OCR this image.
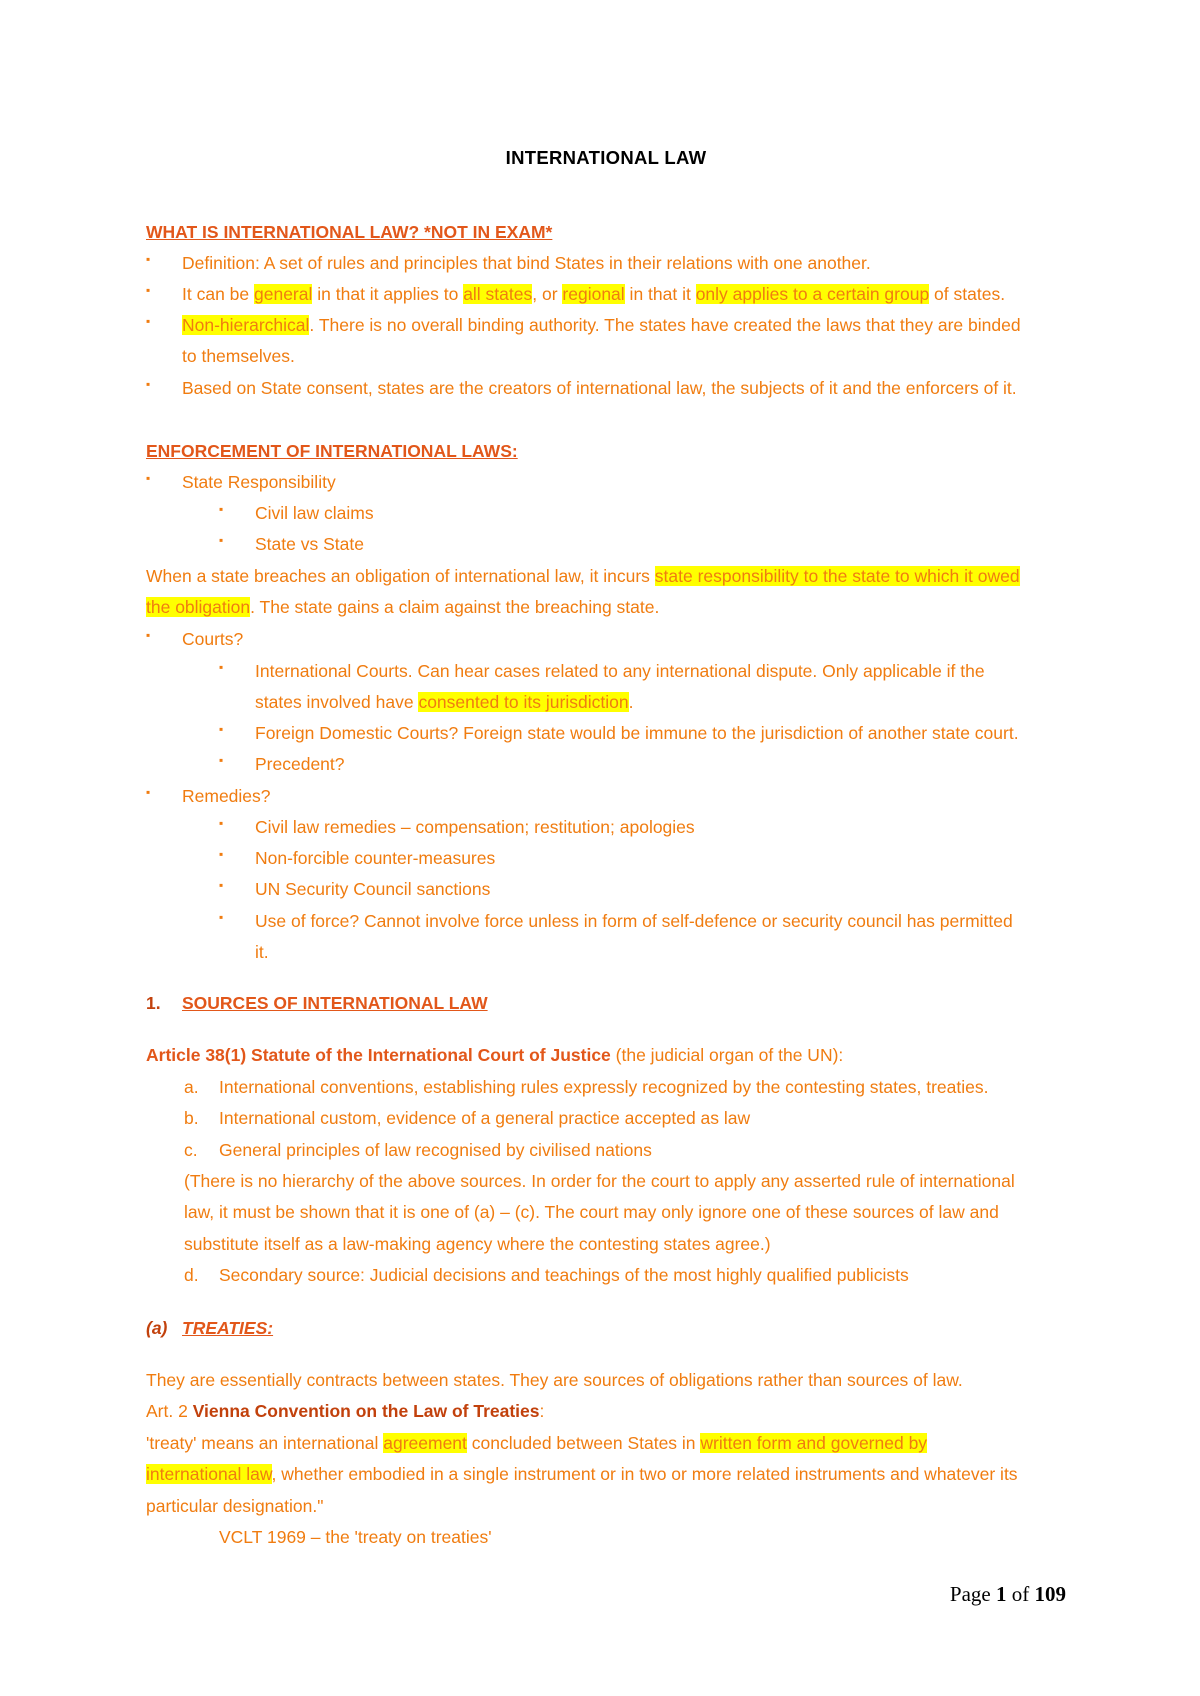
INTERNATIONAL LAW
WHAT IS INTERNATIONAL LAW? *NOT IN EXAM*
▪
Definition: A set of rules and principles that bind States in their relations with one another.
▪
It can be general in that it applies to all states, or regional in that it only applies to a certain group of states.
▪
Non-hierarchical. There is no overall binding authority. The states have created the laws that they are binded
to themselves.
▪
Based on State consent, states are the creators of international law, the subjects of it and the enforcers of it.
ENFORCEMENT OF INTERNATIONAL LAWS:
▪
State Responsibility
▪
Civil law claims
▪
State vs State
When a state breaches an obligation of international law, it incurs state responsibility to the state to which it owed
the obligation. The state gains a claim against the breaching state.
▪
Courts?
▪
International Courts. Can hear cases related to any international dispute. Only applicable if the
states involved have consented to its jurisdiction.
▪
Foreign Domestic Courts? Foreign state would be immune to the jurisdiction of another state court.
▪
Precedent?
▪
Remedies?
▪
Civil law remedies – compensation; restitution; apologies
▪
Non-forcible counter-measures
▪
UN Security Council sanctions
▪
Use of force? Cannot involve force unless in form of self-defence or security council has permitted
it.
1. SOURCES OF INTERNATIONAL LAW
Article 38(1) Statute of the International Court of Justice (the judicial organ of the UN):
a. International conventions, establishing rules expressly recognized by the contesting states, treaties.
b. International custom, evidence of a general practice accepted as law
c. General principles of law recognised by civilised nations
(There is no hierarchy of the above sources. In order for the court to apply any asserted rule of international
law, it must be shown that it is one of (a) – (c). The court may only ignore one of these sources of law and
substitute itself as a law-making agency where the contesting states agree.)
d. Secondary source: Judicial decisions and teachings of the most highly qualified publicists
(a) TREATIES:
They are essentially contracts between states. They are sources of obligations rather than sources of law.
Art. 2 Vienna Convention on the Law of Treaties:
'treaty' means an international agreement concluded between States in written form and governed by
international law, whether embodied in a single instrument or in two or more related instruments and whatever its
particular designation."
VCLT 1969 – the 'treaty on treaties'
Page 1 of 109
